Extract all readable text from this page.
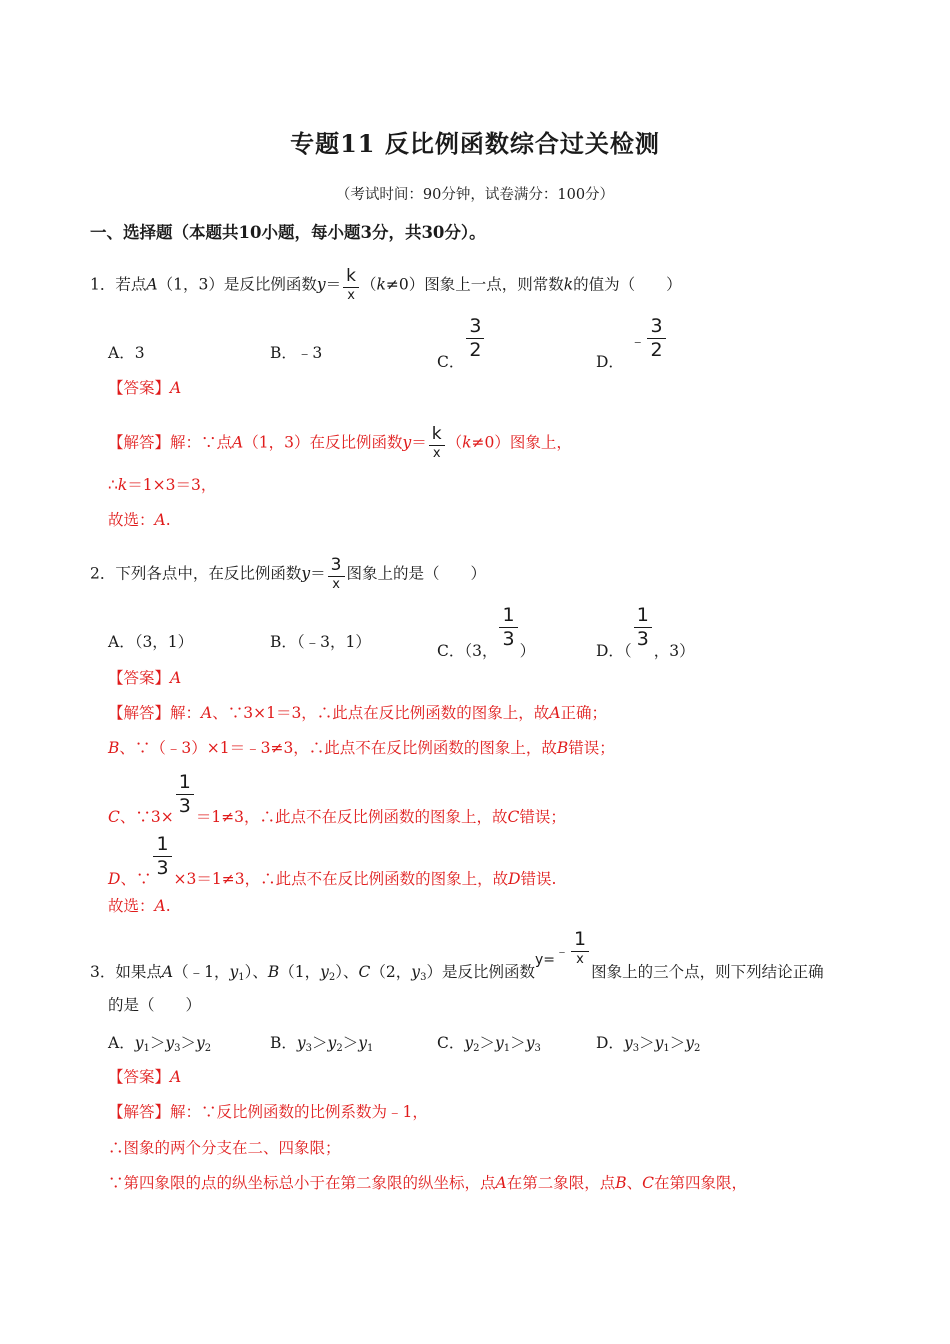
专题11 反比例函数综合过关检测
（考试时间：90分钟，试卷满分：100分）
一、选择题（本题共10小题，每小题3分，共30分）。
1．若点A（1，3）是反比例函数y＝ k
x
（k≠0）图象上一点，则常数k的值为（　　）
A．3	B．﹣3	C．
$\frac{3}{2}$
D．﹣ $\frac{3}{2}$
【答案】A
【解答】解：∵点A（1，3）在反比例函数y＝ k
x
（k≠0）图象上，
∴k＝1×3＝3，
故选：A.
2．下列各点中，在反比例函数y＝ 3
x
图象上的是（　　）
A．（3，1）	B．（﹣3，1）	C．（3，
$\frac{1}{3}$
）	D．（
$\frac{1}{3}$
，3）
【答案】A
【解答】解：A、∵3×1＝3，∴此点在反比例函数的图象上，故A正确；
B、∵（﹣3）×1＝﹣3≠3，∴此点不在反比例函数的图象上，故B错误；
C、∵3×
$\frac{1}{3}$
＝1≠3，∴此点不在反比例函数的图象上，故C错误；
D、∵
$\frac{1}{3}$
×3＝1≠3，∴此点不在反比例函数的图象上，故D错误.
故选：A.
3．如果点A（﹣1，$y_1$）、B（1，$y_2$）、C（2，$y_3$）是反比例函数y=﹣
1
x
图象上的三个点，则下列结论正确
的是（　　）
A．$y_1>y_3>y_2$	B．$y_3>y_2>y_1$	C．$y_2>y_1>y_3$	D．$y_3>y_1>y_2$
【答案】A
【解答】解：∵反比例函数的比例系数为﹣1，
∴图象的两个分支在二、四象限；
∵第四象限的点的纵坐标总小于在第二象限的纵坐标，点A在第二象限，点B、C在第四象限，
